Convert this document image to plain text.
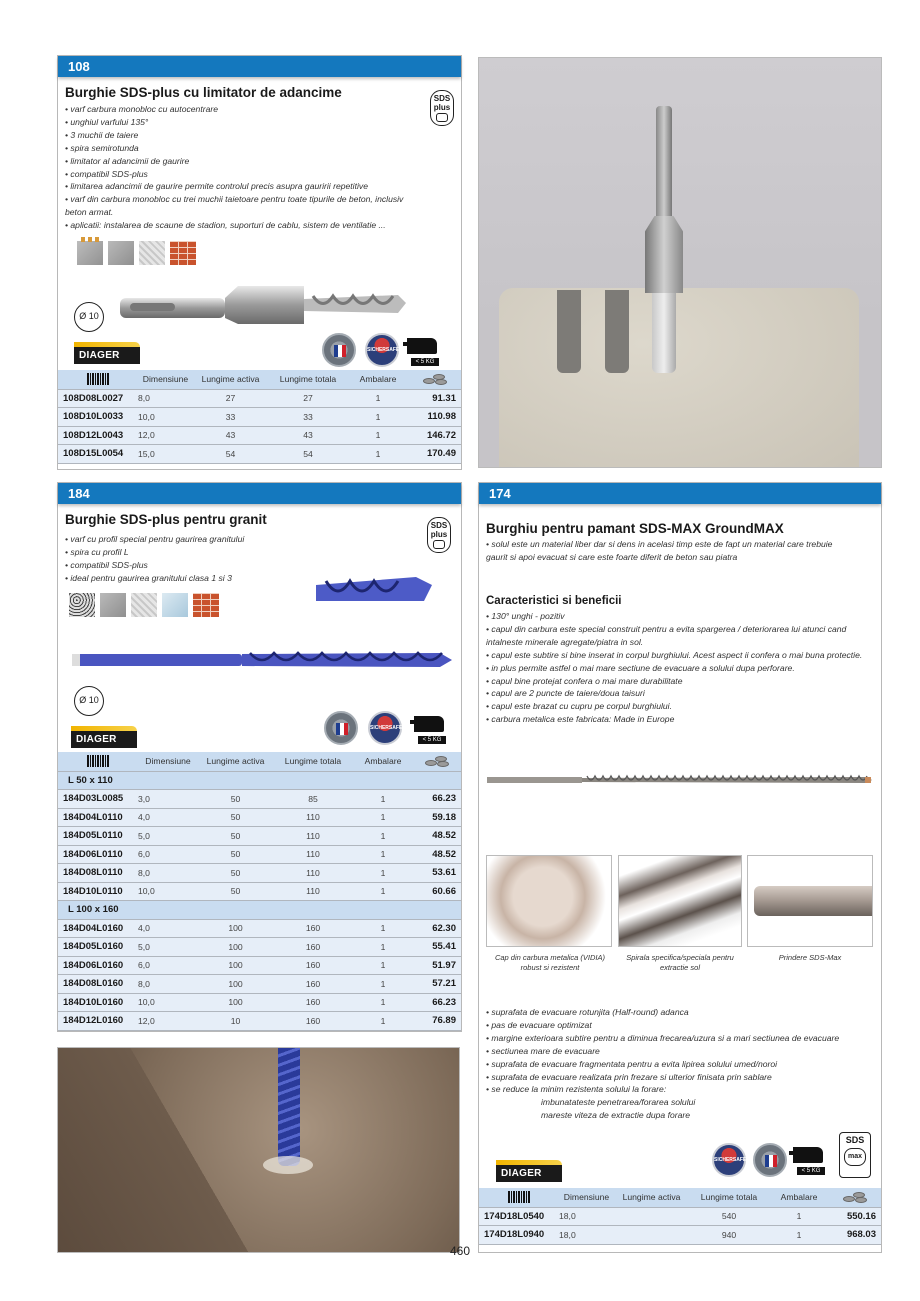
108
Burghie SDS-plus cu limitator de adancime	SDS
plus
• varf carbura monobloc cu autocentrare
• unghiul varfului 135°
• 3 muchii de taiere
• spira semirotunda
• limitator al adancimii de gaurire
• compatibil SDS-plus
• limitarea adancimii de gaurire permite controlul precis asupra gauririi repetitive
• varf din carbura monobloc cu trei muchii taietoare pentru toate tipurile de beton, inclusiv beton armat.
• aplicatii: instalarea de scaune de stadion, suporturi de cablu, sistem de ventilatie ...
Ø 10
DIAGER
SICHERSAFE
< 5 KG
	Dimensiune	Lungime activa	Lungime totala	Ambalare	

108D08L0027	8,0	27	27	1	91.31
108D10L0033	10,0	33	33	1	110.98
108D12L0043	12,0	43	43	1	146.72
108D15L0054	15,0	54	54	1	170.49
184
Burghie SDS-plus pentru granit	SDS
plus
• varf cu profil special pentru gaurirea granitului
• spira cu profil L
• compatibil SDS-plus
• ideal pentru gaurirea granitului clasa 1 si 3
Ø 10
DIAGER SICHERSAFE	< 5 KG
	Dimensiune	Lungime activa	Lungime totala	Ambalare	

L 50 x 110					
184D03L0085	3,0	50	85	1	66.23
184D04L0110	4,0	50	110	1	59.18
184D05L0110	5,0	50	110	1	48.52
184D06L0110	6,0	50	110	1	48.52
184D08L0110	8,0	50	110	1	53.61
184D10L0110	10,0	50	110	1	60.66
L 100 x 160					
184D04L0160	4,0	100	160	1	62.30
184D05L0160	5,0	100	160	1	55.41
184D06L0160	6,0	100	160	1	51.97
184D08L0160	8,0	100	160	1	57.21
184D10L0160	10,0	100	160	1	66.23
184D12L0160	12,0	10	160	1	76.89
174
Burghiu pentru pamant SDS-MAX GroundMAX
• solul este un material liber dar si dens in acelasi timp este de fapt un material care trebuie
gaurit si apoi evacuat si care este foarte diferit de beton sau piatra
Caracteristici si beneficii
• 130° unghi - pozitiv
• capul din carbura este special construit pentru a evita spargerea / deteriorarea lui atunci cand intalneste minerale agregate/piatra in sol.
• capul este subtire si bine inserat in corpul burghiului. Acest aspect ii confera o mai buna protectie.
• in plus permite astfel o mai mare sectiune de evacuare a solului dupa perforare.
• capul bine protejat confera o mai mare durabilitate
• capul are 2 puncte de taiere/doua taisuri
• capul este brazat cu cupru pe corpul burghiului.
• carbura metalica este fabricata: Made in Europe
Cap din carbura metalica (VIDIA) robust si rezistent
Spirala specifica/speciala pentru extractie sol
Prindere SDS-Max
• suprafata de evacuare rotunjita (Half-round) adanca
• pas de evacuare optimizat
• margine exterioara subtire pentru a diminua frecarea/uzura si a mari sectiunea de evacuare
• sectiunea mare de evacuare
• suprafata de evacuare fragmentata pentru a evita lipirea solului umed/noroi
• suprafata de evacuare realizata prin frezare si ulterior finisata prin sablare
• se reduce la minim rezistenta solului la forare:
imbunatateste penetrarea/forarea solului
mareste viteza de extractie dupa forare
DIAGER SICHERSAFE	< 5 KG
SDS
max
	Dimensiune	Lungime activa	Lungime totala	Ambalare	

174D18L0540	18,0		540	1	550.16
174D18L0940	18,0		940	1	968.03
460
